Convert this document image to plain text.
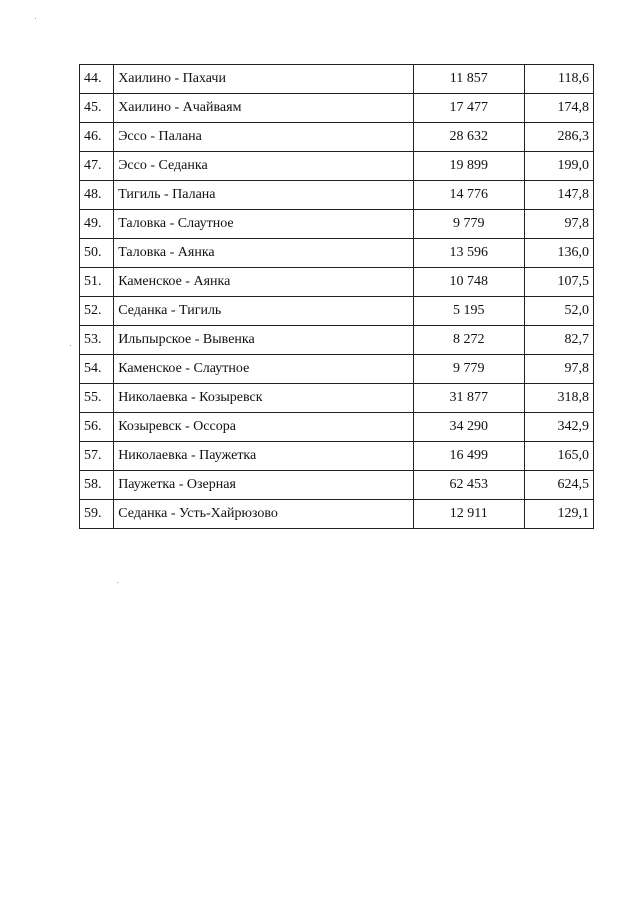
44.	Хаилино - Пахачи	11 857	118,6
45.	Хаилино - Ачайваям	17 477	174,8
46.	Эссо - Палана	28 632	286,3
47.	Эссо - Седанка	19 899	199,0
48.	Тигиль - Палана	14 776	147,8
49.	Таловка - Слаутное	9 779	97,8
50.	Таловка - Аянка	13 596	136,0
51.	Каменское - Аянка	10 748	107,5
52.	Седанка - Тигиль	5 195	52,0
53.	Ильпырское - Вывенка	8 272	82,7
54.	Каменское - Слаутное	9 779	97,8
55.	Николаевка - Козыревск	31 877	318,8
56.	Козыревск - Оссора	34 290	342,9
57.	Николаевка - Паужетка	16 499	165,0
58.	Паужетка - Озерная	62 453	624,5
59.	Седанка - Усть-Хайрюзово	12 911	129,1
